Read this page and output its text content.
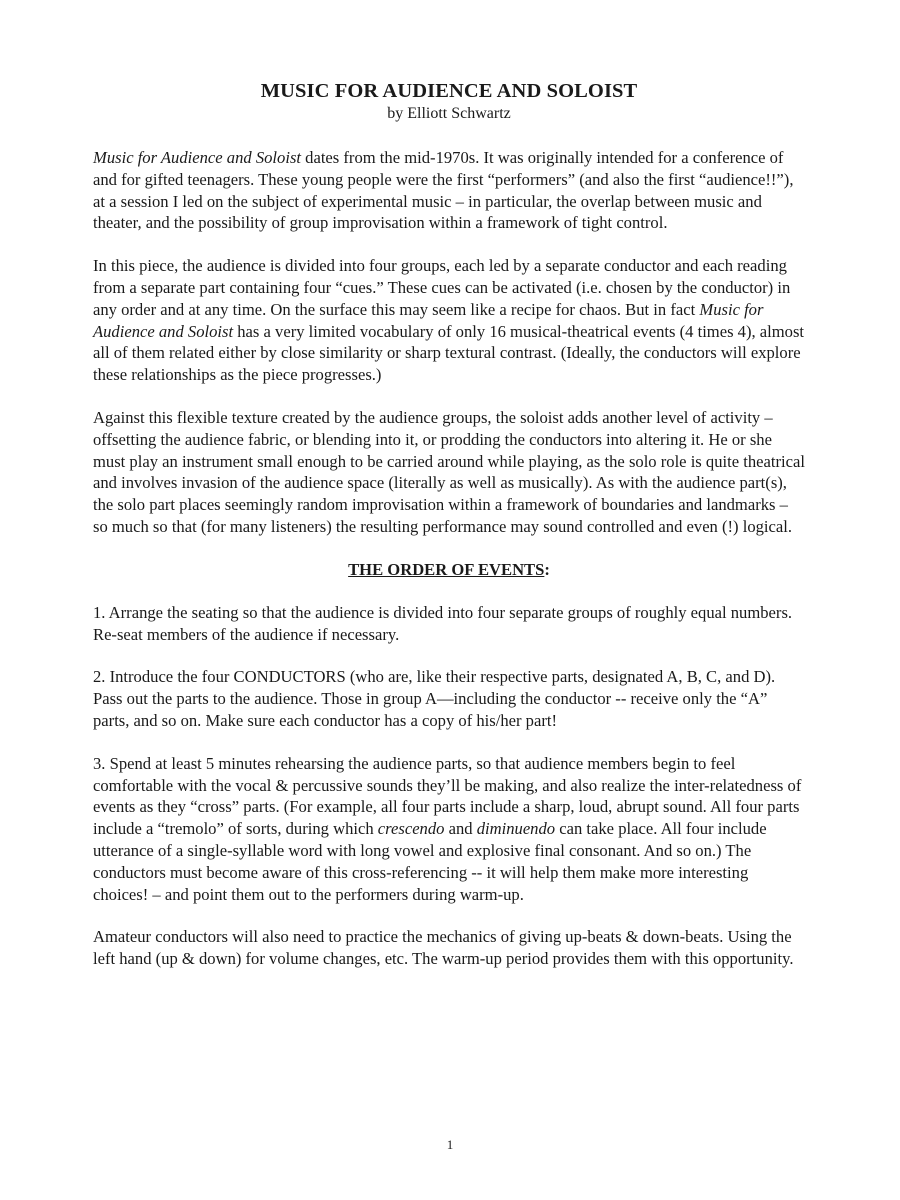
MUSIC FOR AUDIENCE AND SOLOIST
by Elliott Schwartz

Music for Audience and Soloist dates from the mid-1970s. It was originally intended for a conference of and for gifted teenagers. These young people were the first “performers” (and also the first “audience!!”), at a session I led on the subject of experimental music – in particular, the overlap between music and theater, and the possibility of group improvisation within a framework of tight control.

In this piece, the audience is divided into four groups, each led by a separate conductor and each reading from a separate part containing four “cues.” These cues can be activated (i.e. chosen by the conductor) in any order and at any time. On the surface this may seem like a recipe for chaos. But in fact Music for Audience and Soloist has a very limited vocabulary of only 16 musical-theatrical events (4 times 4), almost all of them related either by close similarity or sharp textural contrast. (Ideally, the conductors will explore these relationships as the piece progresses.)

Against this flexible texture created by the audience groups, the soloist adds another level of activity – offsetting the audience fabric, or blending into it, or prodding the conductors into altering it. He or she must play an instrument small enough to be carried around while playing, as the solo role is quite theatrical and involves invasion of the audience space (literally as well as musically). As with the audience part(s), the solo part places seemingly random improvisation within a framework of boundaries and landmarks – so much so that (for many listeners) the resulting performance may sound controlled and even (!) logical.

THE ORDER OF EVENTS:

1. Arrange the seating so that the audience is divided into four separate groups of roughly equal numbers. Re-seat members of the audience if necessary.

2. Introduce the four CONDUCTORS (who are, like their respective parts, designated A, B, C, and D). Pass out the parts to the audience. Those in group A—including the conductor -- receive only the “A” parts, and so on. Make sure each conductor has a copy of his/her part!

3. Spend at least 5 minutes rehearsing the audience parts, so that audience members begin to feel comfortable with the vocal & percussive sounds they’ll be making, and also realize the inter-relatedness of events as they “cross” parts. (For example, all four parts include a sharp, loud, abrupt sound. All four parts include a “tremolo” of sorts, during which crescendo and diminuendo can take place. All four include utterance of a single-syllable word with long vowel and explosive final consonant. And so on.) The conductors must become aware of this cross-referencing -- it will help them make more interesting choices! – and point them out to the performers during warm-up.

Amateur conductors will also need to practice the mechanics of giving up-beats & down-beats. Using the left hand (up & down) for volume changes, etc. The warm-up period provides them with this opportunity.

1
